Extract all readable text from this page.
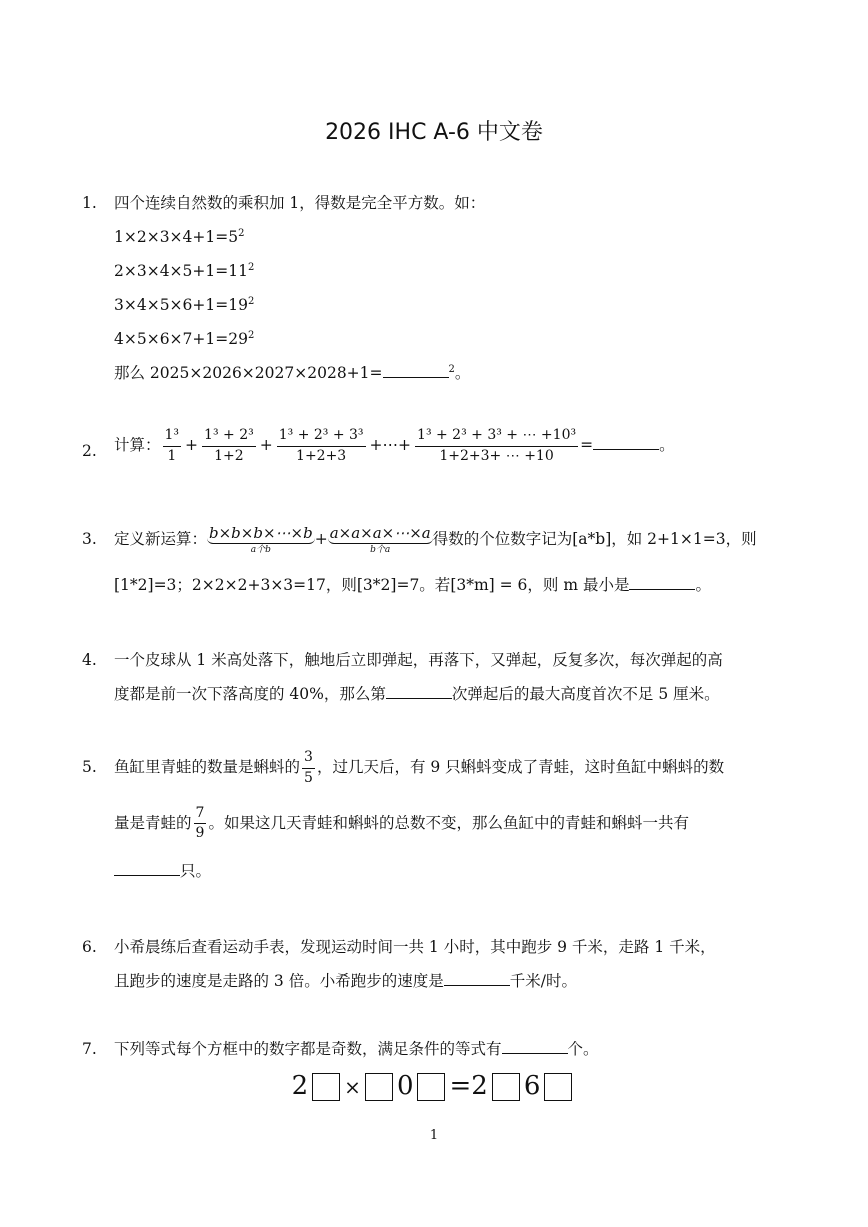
2026 IHC A-6 中文卷
1. 四个连续自然数的乘积加 1，得数是完全平方数。如：
$1\times 2\times 3\times 4+1=5^2$
$2\times 3\times 4\times 5+1=11^2$
$3\times 4\times 5\times 6+1=19^2$
$4\times 5\times 6\times 7+1=29^2$
那么 2025×2026×2027×2028+1=	$^2$。
2. 计算： $\frac{\text{1³}}{1} + \frac{\text{1³ + 2³}}{1+2} + \frac{\text{1³ + 2³ + 3³}}{1+2+3}$ +⋯+ $\frac{\text{1³ + 2³ + 3³ + ⋯ +10³}}{1+2+3+ \cdots +10}$ =	。
3. 定义新运算： b×b×b×⋯×b
a个b
+ a×a×a×⋯×a
b个a
得数的个位数字记为[a*b]，如 2+1×1=3，则
[1*2]=3；2×2×2+3×3=17，则[3*2]=7。若[3*m] = 6，则 m 最小是	。
4. 一个皮球从 1 米高处落下，触地后立即弹起，再落下，又弹起，反复多次，每次弹起的高
度都是前一次下落高度的 40%，那么第	次弹起后的最大高度首次不足 5 厘米。
5. 鱼缸里青蛙的数量是蝌蚪的 $\frac{3}{5}$ ，过几天后，有 9 只蝌蚪变成了青蛙，这时鱼缸中蝌蚪的数
量是青蛙的 $\frac{7}{9}$ 。如果这几天青蛙和蝌蚪的总数不变，那么鱼缸中的青蛙和蝌蚪一共有
只。
6. 小希晨练后查看运动手表，发现运动时间一共 1 小时，其中跑步 9 千米，走路 1 千米，
且跑步的速度是走路的 3 倍。小希跑步的速度是	千米/时。
7. 下列等式每个方框中的数字都是奇数，满足条件的等式有	个。
2 × 0 =2 6
1
